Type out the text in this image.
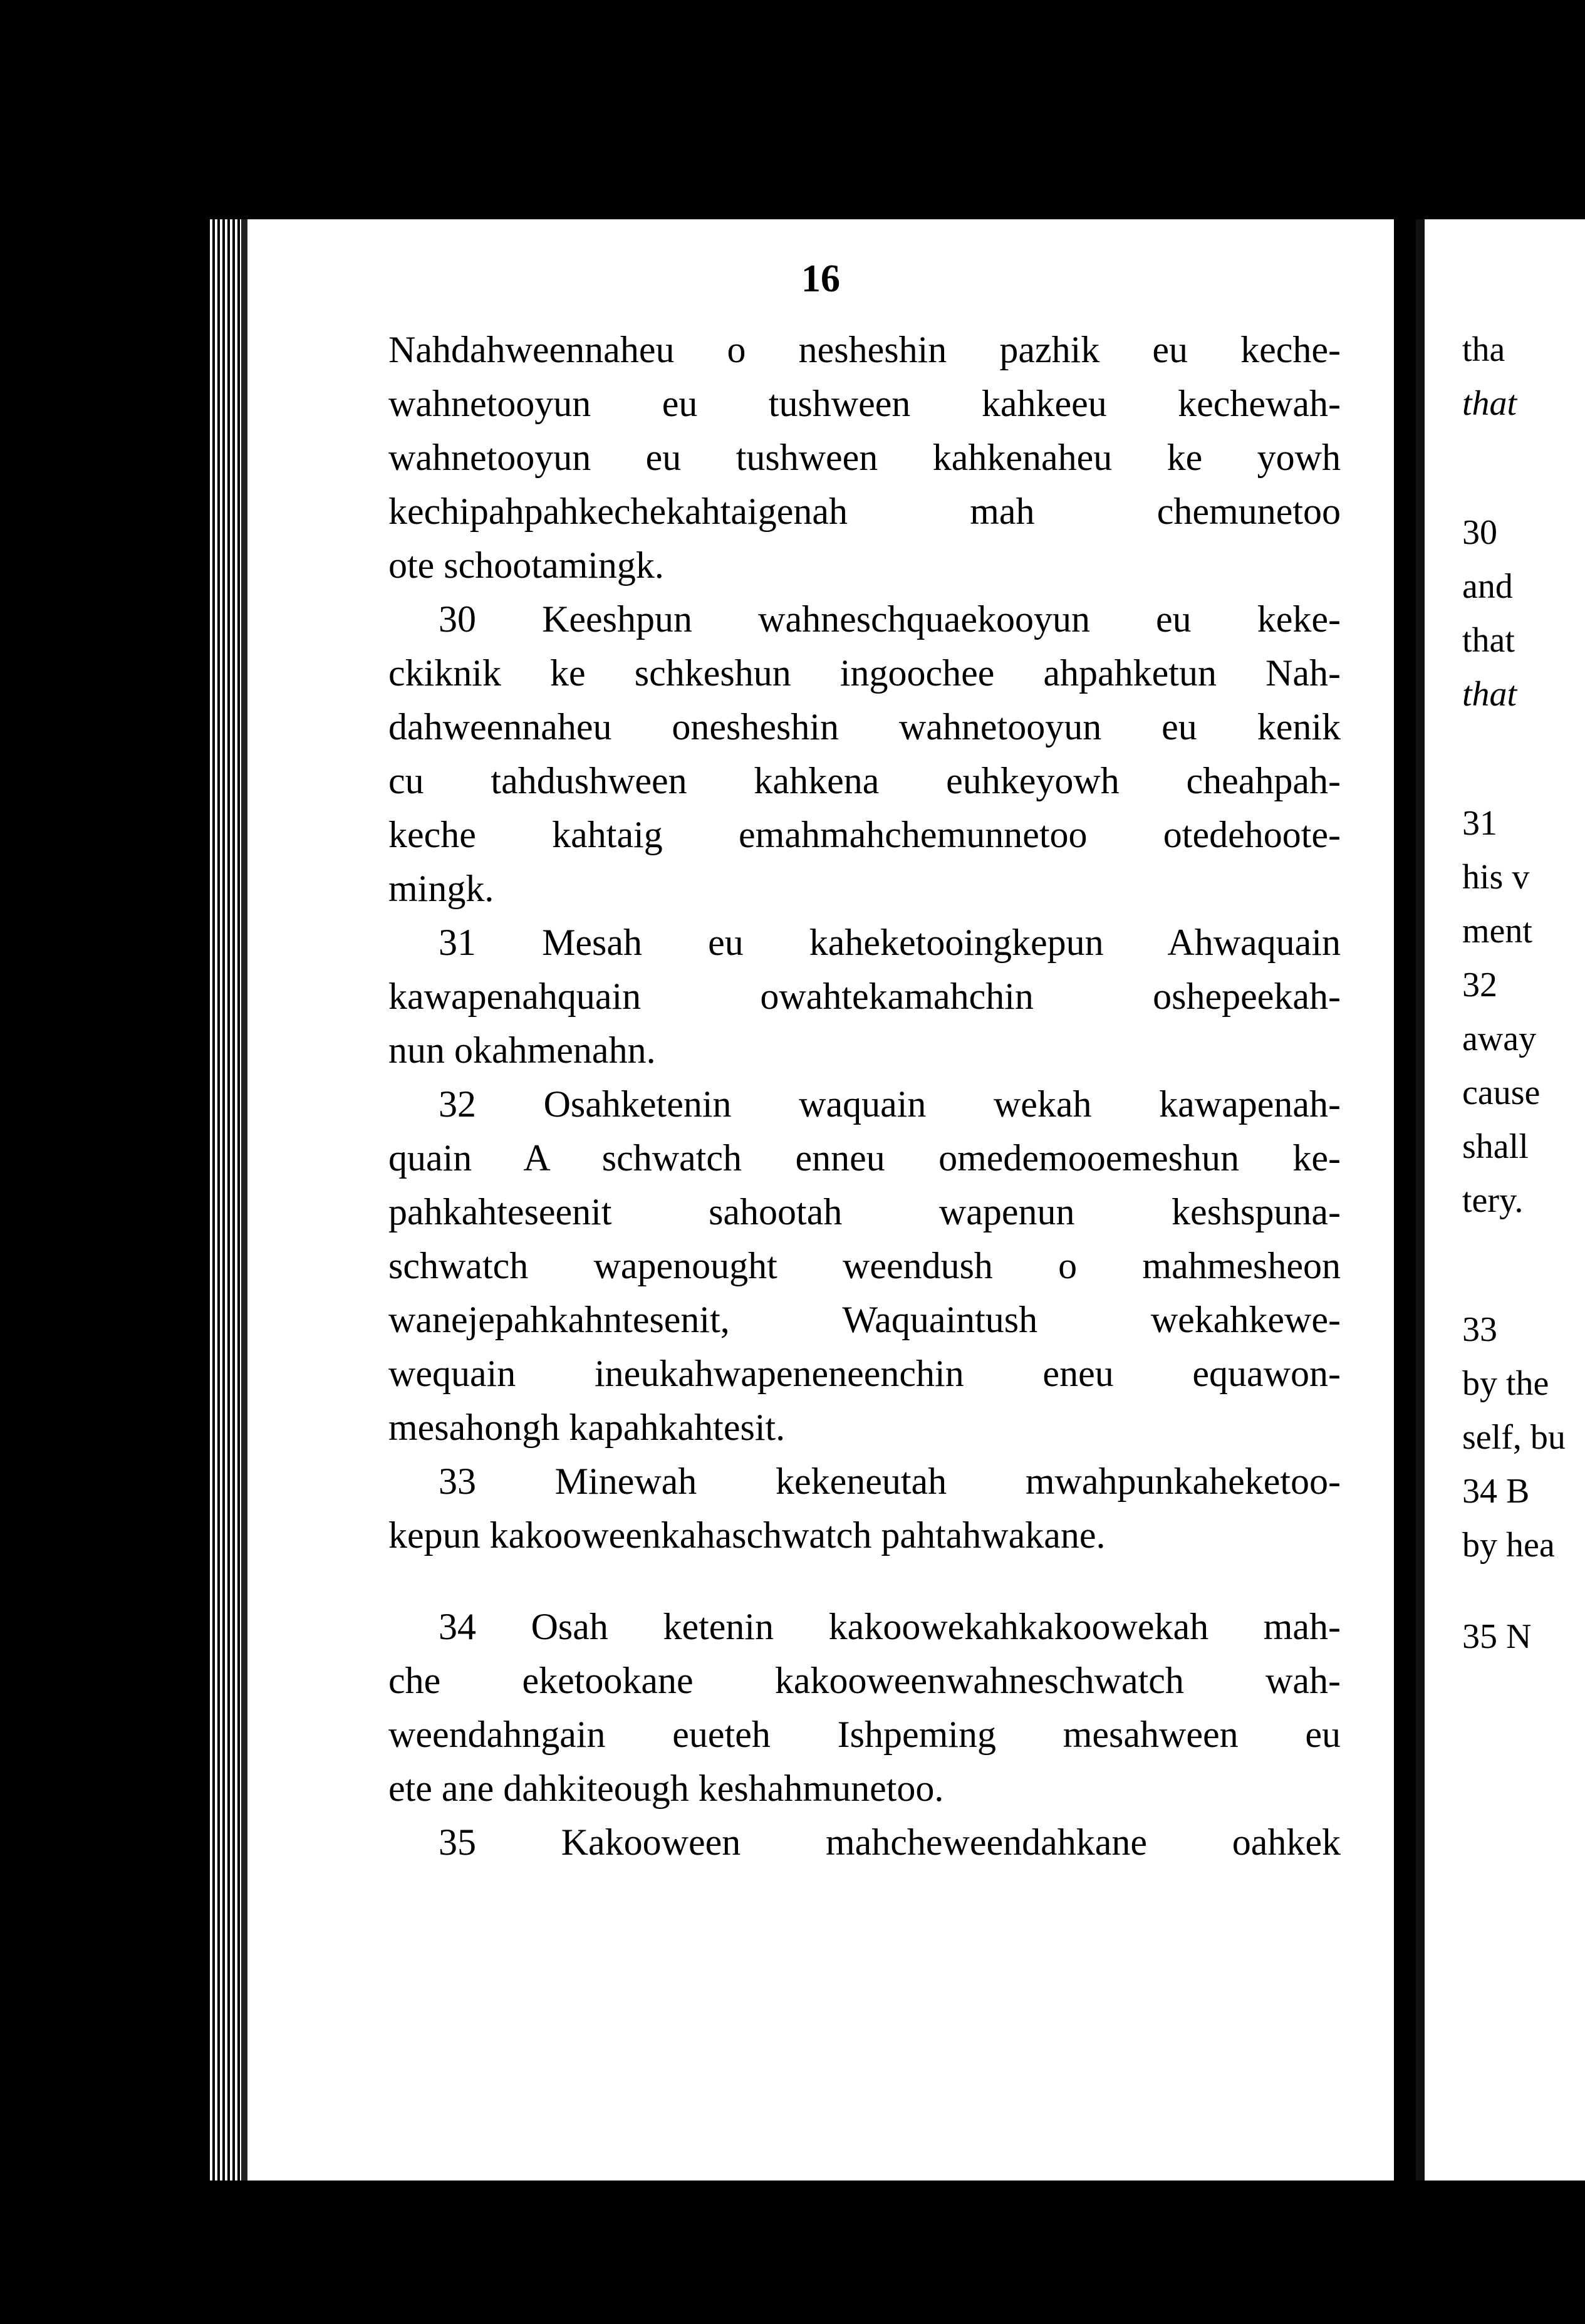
16
Nahdahweennaheu o nesheshin pazhik eu keche-
wahnetooyun eu tushween kahkeeu kechewah-
wahnetooyun eu tushween kahkenaheu ke yowh
kechipahpahkechekahtaigenah mah chemunetoo
ote schootamingk.
30 Keeshpun wahneschquaekooyun eu keke-
ckiknik ke schkeshun ingoochee ahpahketun Nah-
dahweennaheu onesheshin wahnetooyun eu kenik
cu tahdushween kahkena euhkeyowh cheahpah-
keche kahtaig emahmahchemunnetoo otedehoote-
mingk.
31 Mesah eu kaheketooingkepun Ahwaquain
kawapenahquain owahtekamahchin oshepeekah-
nun okahmenahn.
32 Osahketenin waquain wekah kawapenah-
quain A schwatch enneu omedemooemeshun ke-
pahkahteseenit sahootah wapenun keshspuna-
schwatch wapenought weendush o mahmesheon
wanejepahkahntesenit, Waquaintush wekahkewe-
wequain ineukahwapeneneenchin eneu equawon-
mesahongh kapahkahtesit.
33 Minewah kekeneutah mwahpunkaheketoo-
kepun kakooweenkahaschwatch pahtahwakane.
34 Osah ketenin kakoowekahkakoowekah mah-
che eketookane kakooweenwahneschwatch wah-
weendahngain eueteh Ishpeming mesahween eu
ete ane dahkiteough keshahmunetoo.
35 Kakooween mahcheweendahkane oahkek
tha
that
30
and
that
that
31
his v
ment
32
away
cause
shall
tery.
33
by the
self, bu
34 B
by hea
35 N
